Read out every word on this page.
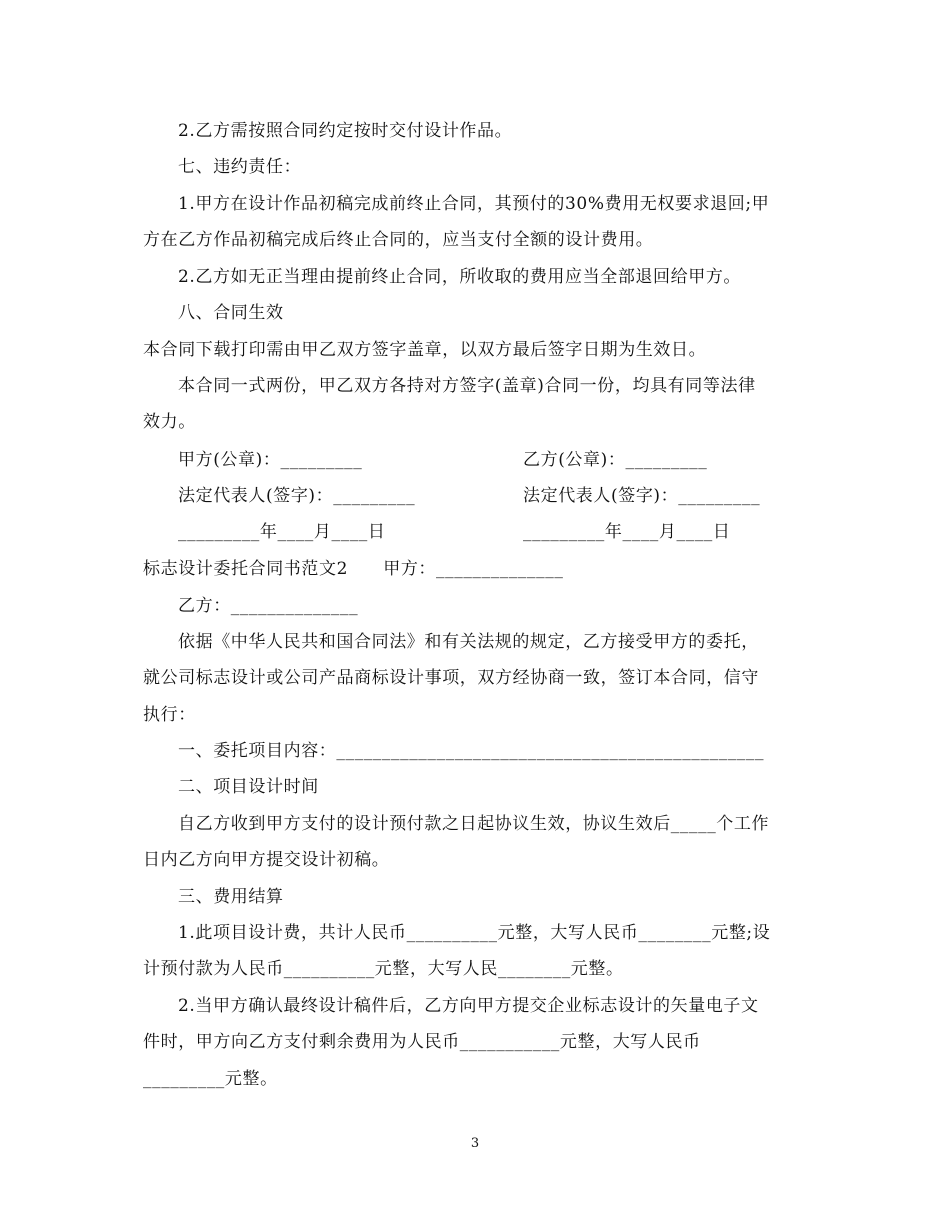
2.乙方需按照合同约定按时交付设计作品。
七、违约责任：
1.甲方在设计作品初稿完成前终止合同，其预付的30%费用无权要求退回;甲
方在乙方作品初稿完成后终止合同的，应当支付全额的设计费用。
2.乙方如无正当理由提前终止合同，所收取的费用应当全部退回给甲方。
八、合同生效
本合同下载打印需由甲乙双方签字盖章，以双方最后签字日期为生效日。
本合同一式两份，甲乙双方各持对方签字(盖章)合同一份，均具有同等法律
效力。
甲方(公章)：_________	乙方(公章)：_________
法定代表人(签字)：_________	法定代表人(签字)：_________
_________年____月____日	_________年____月____日
标志设计委托合同书范文2　　甲方：______________
乙方：______________
依据《中华人民共和国合同法》和有关法规的规定，乙方接受甲方的委托，
就公司标志设计或公司产品商标设计事项，双方经协商一致，签订本合同，信守
执行：
一、委托项目内容：_______________________________________________
二、项目设计时间
自乙方收到甲方支付的设计预付款之日起协议生效，协议生效后_____个工作
日内乙方向甲方提交设计初稿。
三、费用结算
1.此项目设计费，共计人民币__________元整，大写人民币________元整;设
计预付款为人民币__________元整，大写人民________元整。
2.当甲方确认最终设计稿件后，乙方向甲方提交企业标志设计的矢量电子文
件时，甲方向乙方支付剩余费用为人民币___________元整，大写人民币
_________元整。
3
